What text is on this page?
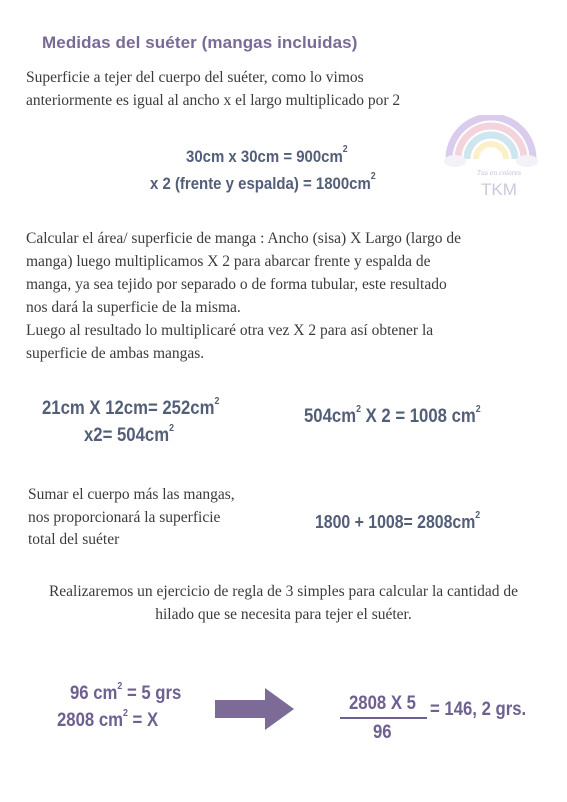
Medidas del suéter (mangas incluidas)
Superficie a tejer del cuerpo del suéter, como lo vimos
anteriormente es igual al ancho x el largo multiplicado por 2
30cm x $30cm = 900cm^2$
x 2 (frente y espalda) = $1800cm^2$	Tus en colores
TKM
Calcular el área/ superficie de manga : Ancho (sisa) X Largo (largo de
manga) luego multiplicamos X 2 para abarcar frente y espalda de
manga, ya sea tejido por separado o de forma tubular, este resultado
nos dará la superficie de la misma.
Luego al resultado lo multiplicaré otra vez X 2 para así obtener la
superficie de ambas mangas.
21cm X $12cm= 252cm^2$
$x2= 504cm^2$
$504cm^2$ X 2 = 1008 $cm^2$
Sumar el cuerpo más las mangas,
nos proporcionará la superficie
total del suéter
$1800 + 1008= 2808cm^2$
Realizaremos un ejercicio de regla de 3 simples para calcular la cantidad de
hilado que se necesita para tejer el suéter.
96 $cm^2 = 5$ grs
2808 $cm^2 = X$
2808 X 5
96
= 146, 2 grs.
